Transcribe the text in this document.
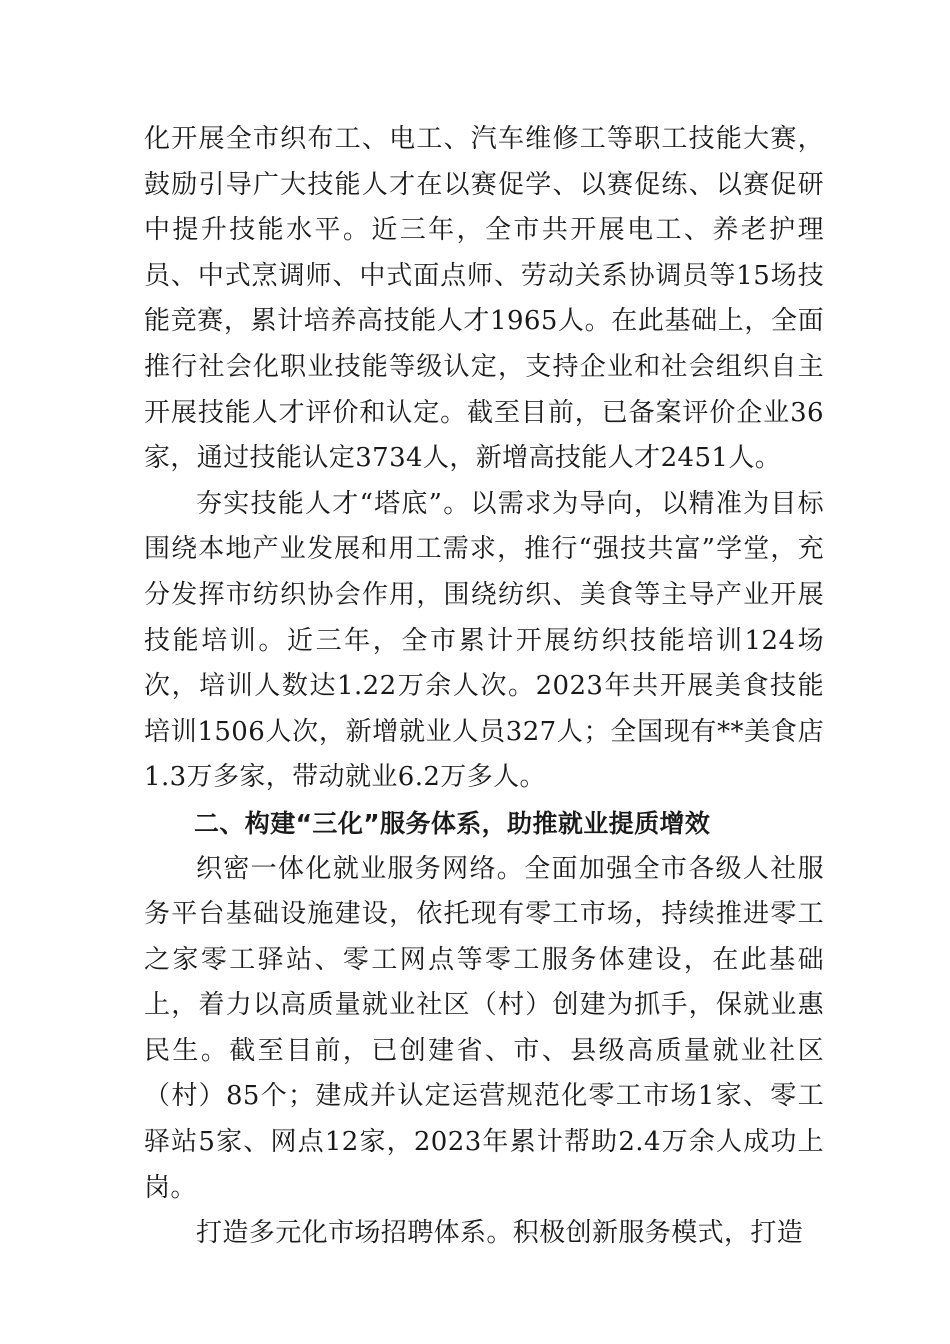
化开展全市织布工、电工、汽车维修工等职工技能大赛，鼓励引导广大技能人才在以赛促学、以赛促练、以赛促研中提升技能水平。近三年，全市共开展电工、养老护理员、中式烹调师、中式面点师、劳动关系协调员等15场技能竞赛，累计培养高技能人才1965人。在此基础上，全面推行社会化职业技能等级认定，支持企业和社会组织自主开展技能人才评价和认定。截至目前，已备案评价企业36家，通过技能认定3734人，新增高技能人才2451人。

夯实技能人才“塔底”。以需求为导向，以精准为目标围绕本地产业发展和用工需求，推行“强技共富”学堂，充分发挥市纺织协会作用，围绕纺织、美食等主导产业开展技能培训。近三年，全市累计开展纺织技能培训124场次，培训人数达1.22万余人次。2023年共开展美食技能培训1506人次，新增就业人员327人；全国现有**美食店1.3万多家，带动就业6.2万多人。

二、构建“三化”服务体系，助推就业提质增效

织密一体化就业服务网络。全面加强全市各级人社服务平台基础设施建设，依托现有零工市场，持续推进零工之家零工驿站、零工网点等零工服务体建设，在此基础上，着力以高质量就业社区（村）创建为抓手，保就业惠民生。截至目前，已创建省、市、县级高质量就业社区（村）85个；建成并认定运营规范化零工市场1家、零工驿站5家、网点12家，2023年累计帮助2.4万余人成功上岗。

打造多元化市场招聘体系。积极创新服务模式，打造
